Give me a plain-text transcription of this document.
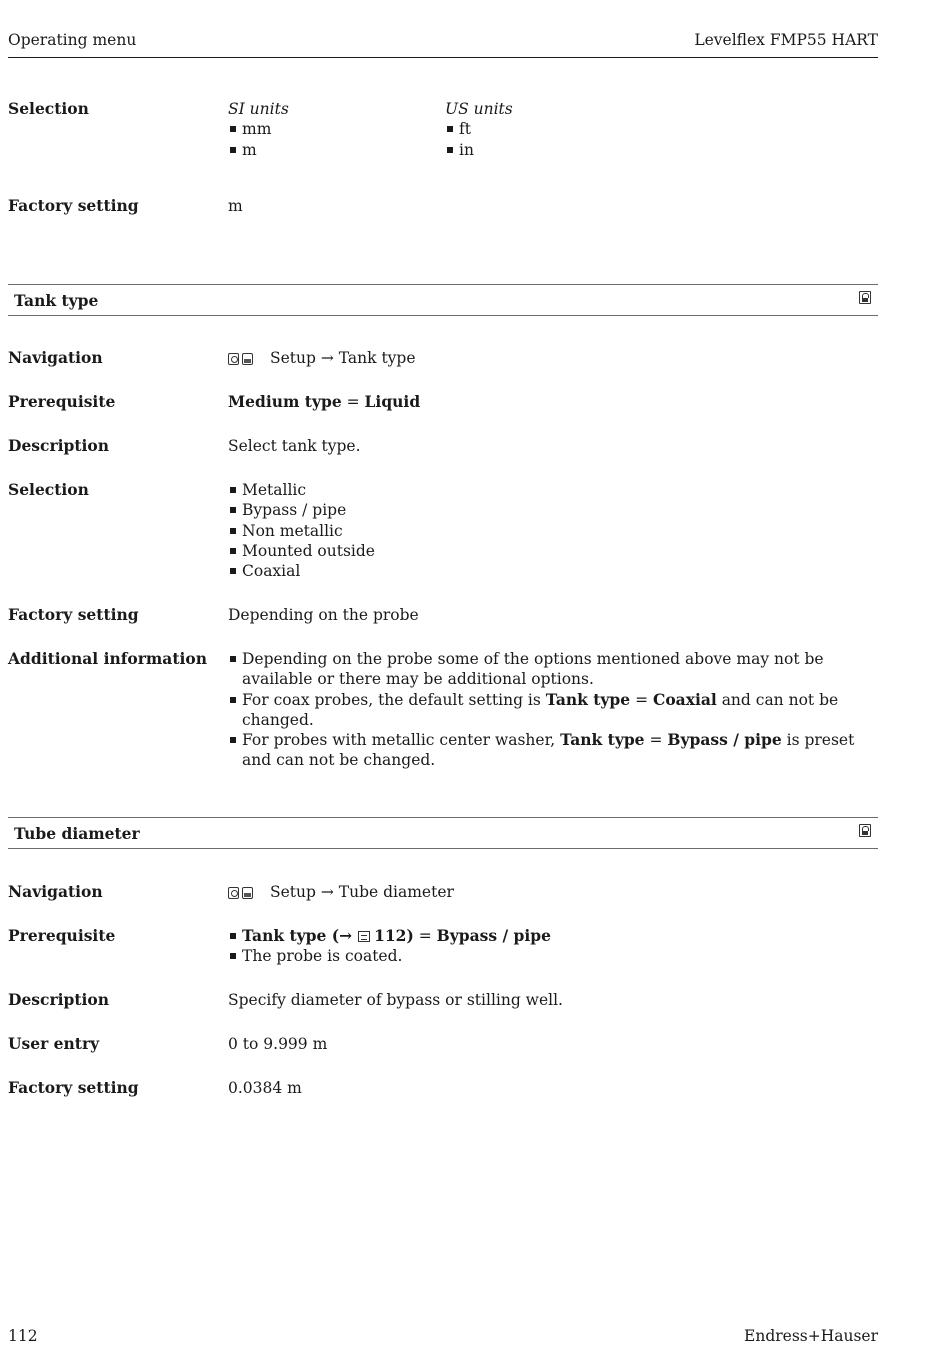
Operating menu	Levelflex FMP55 HART
Selection	SI units
mm
m
US units
ft
in
Factory setting	m
Tank type
Navigation	Setup → Tank type
Prerequisite	Medium type = Liquid
Description	Select tank type.
Selection	Metallic
Bypass / pipe
Non metallic
Mounted outside
Coaxial
Factory setting	Depending on the probe
Additional information	Depending on the probe some of the options mentioned above may not be available or there may be additional options.
For coax probes, the default setting is Tank type = Coaxial and can not be changed.
For probes with metallic center washer, Tank type = Bypass / pipe is preset and can not be changed.
Tube diameter
Navigation	Setup → Tube diameter
Prerequisite	Tank type (→ 112) = Bypass / pipe
The probe is coated.
Description	Specify diameter of bypass or stilling well.
User entry	0 to 9.999 m
Factory setting	0.0384 m
112	Endress+Hauser
